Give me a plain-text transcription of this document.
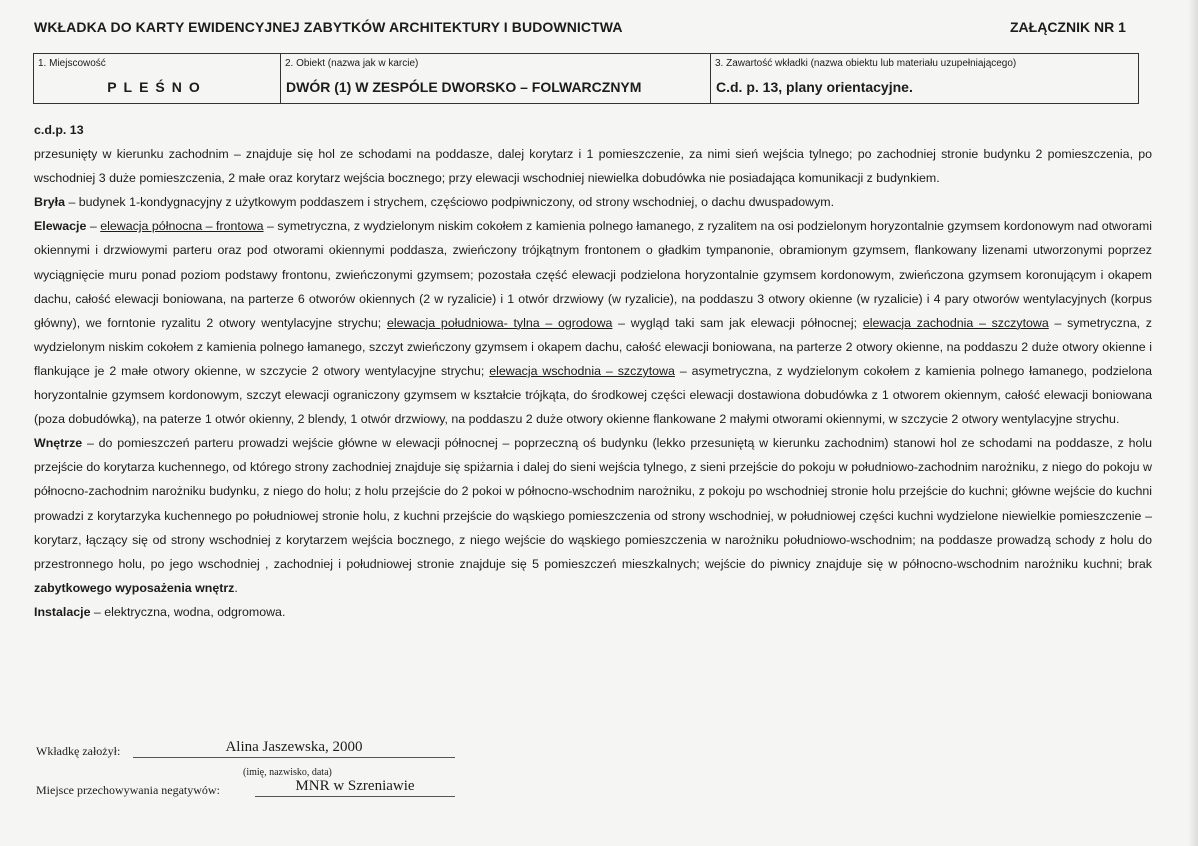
WKŁADKA DO KARTY EWIDENCYJNEJ ZABYTKÓW ARCHITEKTURY I BUDOWNICTWA	ZAŁĄCZNIK NR 1
1. Miejscowość
PLEŚNO
2. Obiekt (nazwa jak w karcie)
DWÓR (1) W ZESPÓLE DWORSKO – FOLWARCZNYM
3. Zawartość wkładki (nazwa obiektu lub materiału uzupełniającego)
C.d. p. 13, plany orientacyjne.

c.d.p. 13

przesunięty w kierunku zachodnim – znajduje się hol ze schodami na poddasze, dalej korytarz i 1 pomieszczenie, za nimi sień wejścia tylnego; po zachodniej stronie budynku 2 pomieszczenia, po wschodniej 3 duże pomieszczenia, 2 małe oraz korytarz wejścia bocznego; przy elewacji wschodniej niewielka dobudówka nie posiadająca komunikacji z budynkiem.

Bryła – budynek 1-kondygnacyjny z użytkowym poddaszem i strychem, częściowo podpiwniczony, od strony wschodniej, o dachu dwuspadowym.

Elewacje – elewacja północna – frontowa – symetryczna, z wydzielonym niskim cokołem z kamienia polnego łamanego, z ryzalitem na osi podzielonym horyzontalnie gzymsem kordonowym nad otworami okiennymi i drzwiowymi parteru oraz pod otworami okiennymi poddasza, zwieńczony trójkątnym frontonem o gładkim tympanonie, obramionym gzymsem, flankowany lizenami utworzonymi poprzez wyciągnięcie muru ponad poziom podstawy frontonu, zwieńczonymi gzymsem; pozostała część elewacji podzielona horyzontalnie gzymsem kordonowym, zwieńczona gzymsem koronującym i okapem dachu, całość elewacji boniowana, na parterze 6 otworów okiennych (2 w ryzalicie) i 1 otwór drzwiowy (w ryzalicie), na poddaszu 3 otwory okienne (w ryzalicie) i 4 pary otworów wentylacyjnych (korpus główny), we forntonie ryzalitu 2 otwory wentylacyjne strychu; elewacja południowa- tylna – ogrodowa – wygląd taki sam jak elewacji północnej; elewacja zachodnia – szczytowa – symetryczna, z wydzielonym niskim cokołem z kamienia polnego łamanego, szczyt zwieńczony gzymsem i okapem dachu, całość elewacji boniowana, na parterze 2 otwory okienne, na poddaszu 2 duże otwory okienne i flankujące je 2 małe otwory okienne, w szczycie 2 otwory wentylacyjne strychu; elewacja wschodnia – szczytowa – asymetryczna, z wydzielonym cokołem z kamienia polnego łamanego, podzielona horyzontalnie gzymsem kordonowym, szczyt elewacji ograniczony gzymsem w kształcie trójkąta, do środkowej części elewacji dostawiona dobudówka z 1 otworem okiennym, całość elewacji boniowana (poza dobudówką), na paterze 1 otwór okienny, 2 blendy, 1 otwór drzwiowy, na poddaszu 2 duże otwory okienne flankowane 2 małymi otworami okiennymi, w szczycie 2 otwory wentylacyjne strychu.

Wnętrze – do pomieszczeń parteru prowadzi wejście główne w elewacji północnej – poprzeczną oś budynku (lekko przesuniętą w kierunku zachodnim) stanowi hol ze schodami na poddasze, z holu przejście do korytarza kuchennego, od którego strony zachodniej znajduje się spiżarnia i dalej do sieni wejścia tylnego, z sieni przejście do pokoju w południowo-zachodnim narożniku, z niego do pokoju w północno-zachodnim narożniku budynku, z niego do holu; z holu przejście do 2 pokoi w północno-wschodnim narożniku, z pokoju po wschodniej stronie holu przejście do kuchni; główne wejście do kuchni prowadzi z korytarzyka kuchennego po południowej stronie holu, z kuchni przejście do wąskiego pomieszczenia od strony wschodniej, w południowej części kuchni wydzielone niewielkie pomieszczenie – korytarz, łączący się od strony wschodniej z korytarzem wejścia bocznego, z niego wejście do wąskiego pomieszczenia w narożniku południowo-wschodnim; na poddasze prowadzą schody z holu do przestronnego holu, po jego wschodniej , zachodniej i południowej stronie znajduje się 5 pomieszczeń mieszkalnych; wejście do piwnicy znajduje się w północno-wschodnim narożniku kuchni; brak zabytkowego wyposażenia wnętrz.

Instalacje – elektryczna, wodna, odgromowa.

Wkładkę założył:	Alina Jaszewska, 2000
(imię, nazwisko, data)
Miejsce przechowywania negatywów:	MNR w Szreniawie
